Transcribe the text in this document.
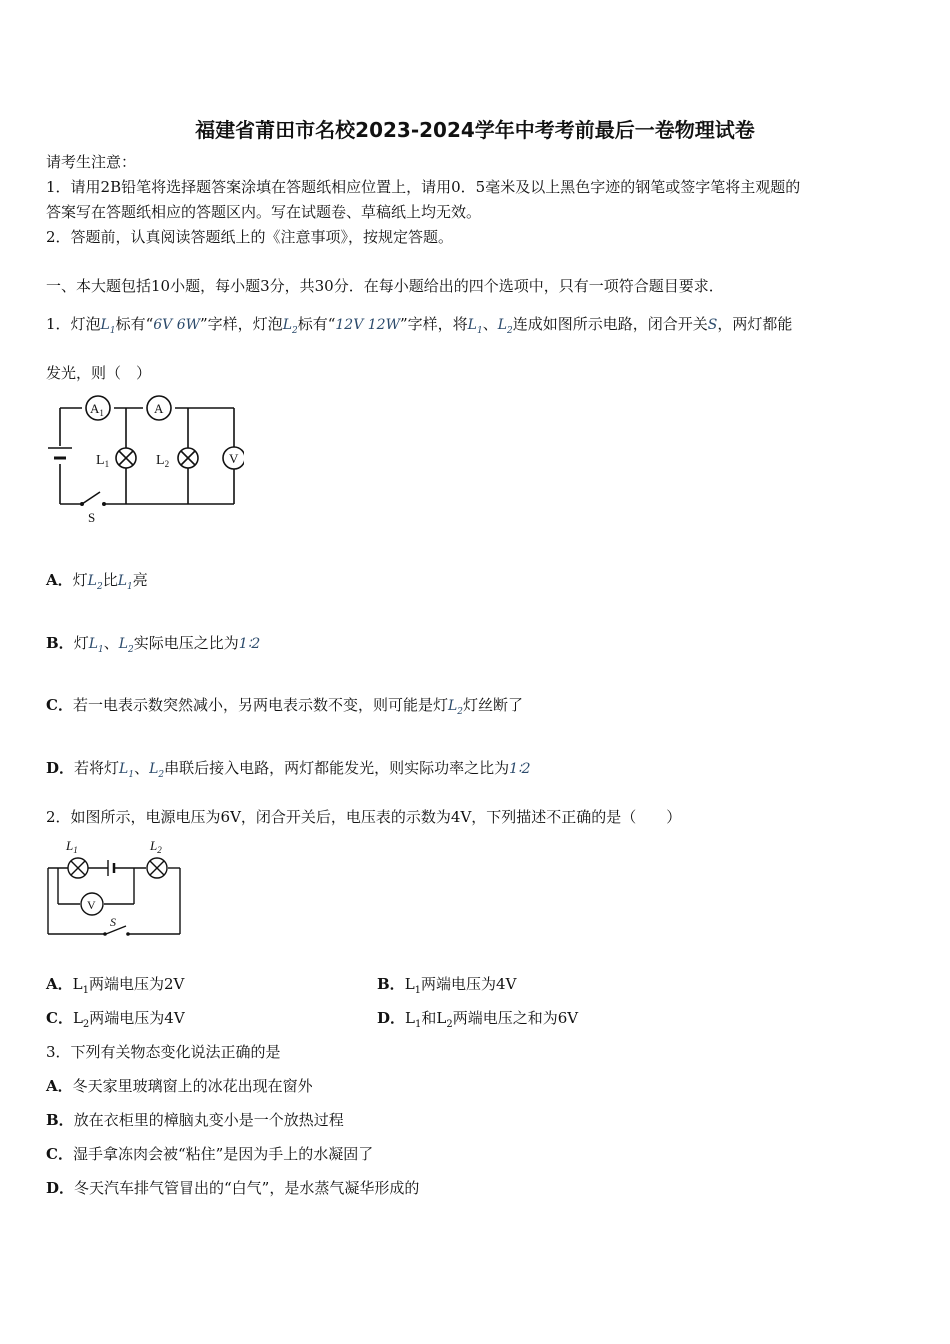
福建省莆田市名校2023-2024学年中考考前最后一卷物理试卷
请考生注意：
1．请用2B铅笔将选择题答案涂填在答题纸相应位置上，请用0．5毫米及以上黑色字迹的钢笔或签字笔将主观题的
答案写在答题纸相应的答题区内。写在试题卷、草稿纸上均无效。
2．答题前，认真阅读答题纸上的《注意事项》，按规定答题。
一、本大题包括10小题，每小题3分，共30分．在每小题给出的四个选项中，只有一项符合题目要求．
1．灯泡$L_1$标有“6V 6W”字样，灯泡$L_2$标有“12V 12W”字样，将$L_1$、$L_2$连成如图所示电路，闭合开关S，两灯都能
发光，则（　）
$A_1$	A
$L_1$	$L_2$	V
S
A．灯$L_2$比$L_1$亮
B．灯$L_1$、$L_2$实际电压之比为1∶2
C．若一电表示数突然减小，另两电表示数不变，则可能是灯$L_2$灯丝断了
D．若将灯$L_1$、$L_2$串联后接入电路，两灯都能发光，则实际功率之比为1∶2
2．如图所示，电源电压为6V，闭合开关后，电压表的示数为4V，下列描述不正确的是（　　）
$L_1$	$L_2$
V
S
A．$L_1$两端电压为2V	B．$L_1$两端电压为4V
C．$L_2$两端电压为4V	D．$L_1$和$L_2$两端电压之和为6V
3．下列有关物态变化说法正确的是
A．冬天家里玻璃窗上的冰花出现在窗外
B．放在衣柜里的樟脑丸变小是一个放热过程
C．湿手拿冻肉会被“粘住”是因为手上的水凝固了
D．冬天汽车排气管冒出的“白气”，是水蒸气凝华形成的
